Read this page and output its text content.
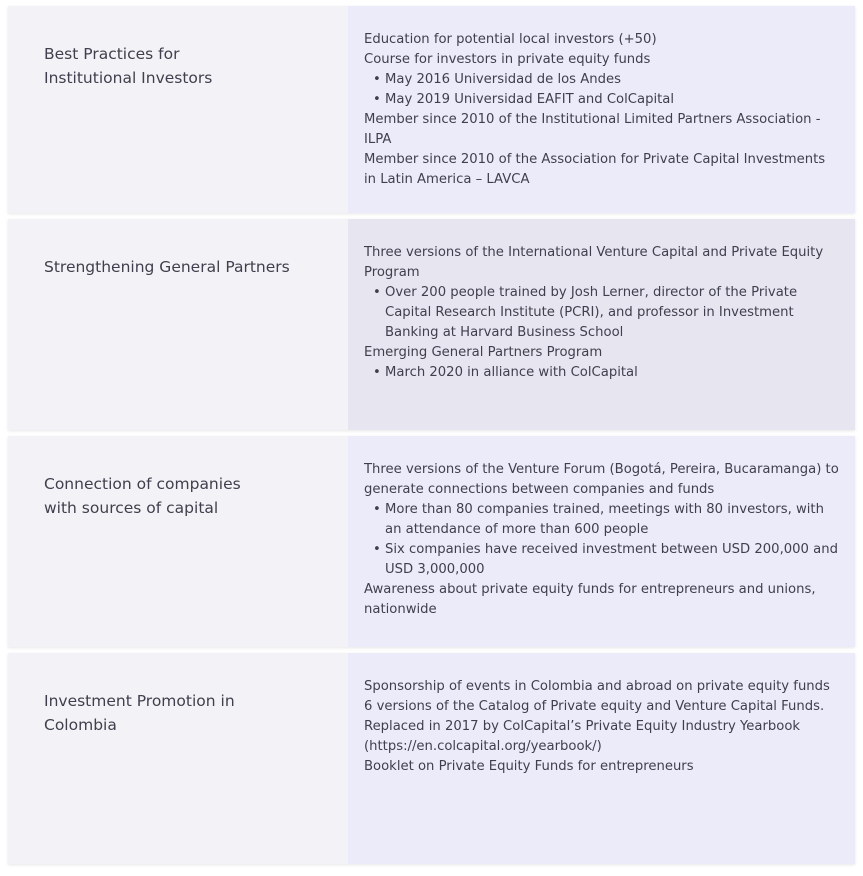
Best Practices for Institutional Investors

Education for potential local investors (+50)

Course for investors in private equity funds

• May 2016 Universidad de los Andes
• May 2019 Universidad EAFIT and ColCapital

Member since 2010 of the Institutional Limited Partners Association - ILPA

Member since 2010 of the Association for Private Capital Investments in Latin America – LAVCA

Strengthening General Partners

Three versions of the International Venture Capital and Private Equity Program

• Over 200 people trained by Josh Lerner, director of the Private Capital Research Institute (PCRI), and professor in Investment Banking at Harvard Business School

Emerging General Partners Program

• March 2020 in alliance with ColCapital
Connection of companies with sources of capital

Three versions of the Venture Forum (Bogotá, Pereira, Bucaramanga) to generate connections between companies and funds

• More than 80 companies trained, meetings with 80 investors, with an attendance of more than 600 people
• Six companies have received investment between USD 200,000 and USD 3,000,000

Awareness about private equity funds for entrepreneurs and unions, nationwide

Investment Promotion in Colombia

Sponsorship of events in Colombia and abroad on private equity funds

6 versions of the Catalog of Private equity and Venture Capital Funds. Replaced in 2017 by ColCapital’s Private Equity Industry Yearbook (https://en.colcapital.org/yearbook/)

Booklet on Private Equity Funds for entrepreneurs
